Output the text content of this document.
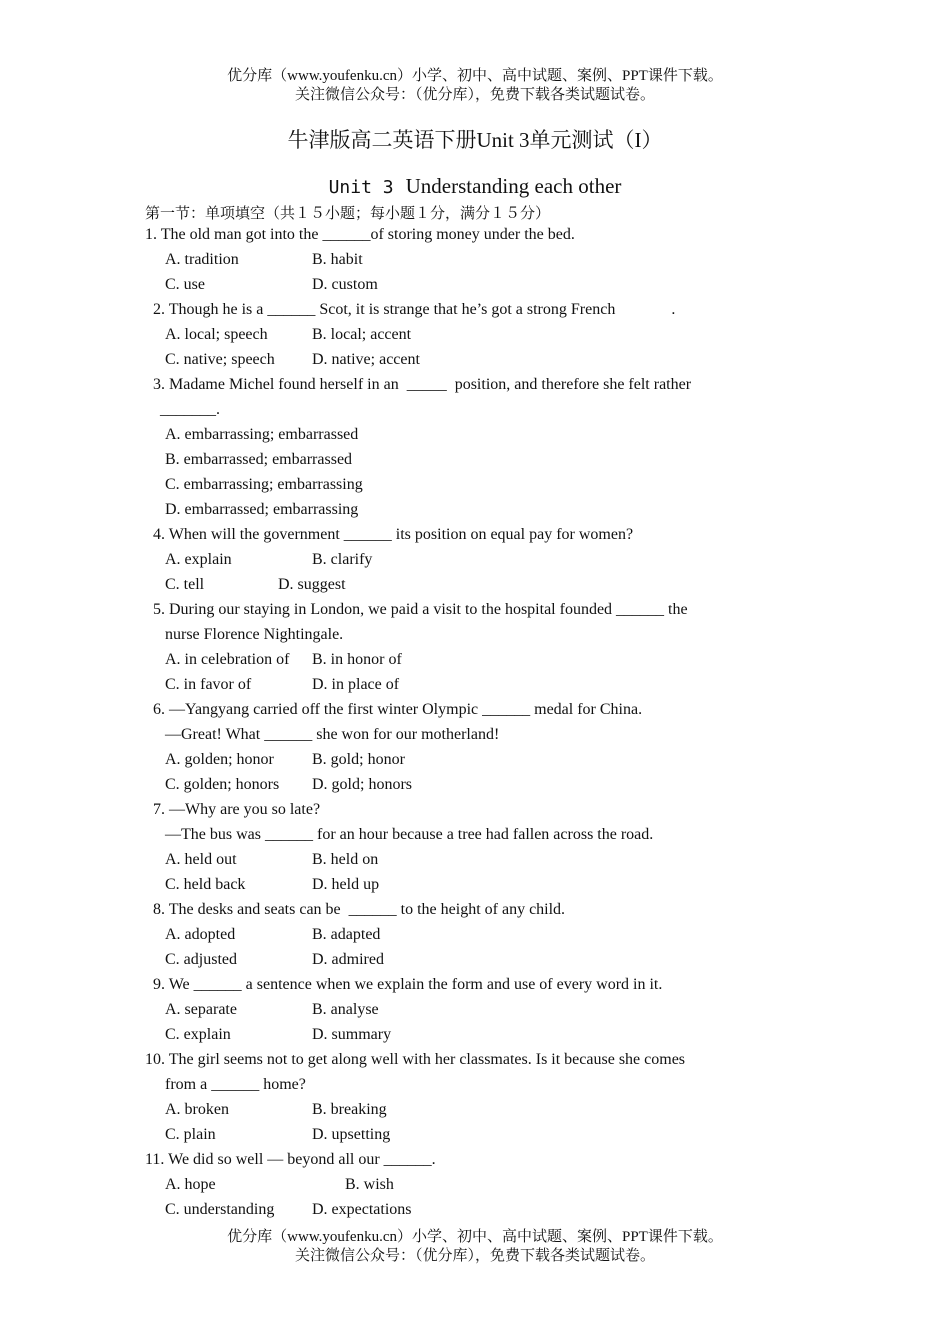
优分库（www.youfenku.cn）小学、初中、高中试题、案例、PPT课件下载。
关注微信公众号：（优分库），免费下载各类试题试卷。
牛津版高二英语下册Unit 3单元测试（I）
Unit 3 Understanding each other
第一节：单项填空（共１５小题；每小题１分，满分１５分）
1. The old man got into the ______of storing money under the bed.
A. tradition	B. habit
C. use	D. custom
2. Though he is a ______ Scot, it is strange that he’s got a strong French              .
A. local; speech	B. local; accent
C. native; speech D. native; accent
3. Madame Michel found herself in an  _____  position, and therefore she felt rather
_______.
A. embarrassing; embarrassed
B. embarrassed; embarrassed
C. embarrassing; embarrassing
D. embarrassed; embarrassing
4. When will the government ______ its position on equal pay for women?
A. explain	B. clarify
C. tell	D. suggest
5. During our staying in London, we paid a visit to the hospital founded ______ the
nurse Florence Nightingale.
A. in celebration of B. in honor of
C. in favor of	D. in place of
6. —Yangyang carried off the first winter Olympic ______ medal for China.
—Great! What ______ she won for our motherland!
A. golden; honor B. gold; honor
C. golden; honors D. gold; honors
7. —Why are you so late?
—The bus was ______ for an hour because a tree had fallen across the road.
A. held out	B. held on
C. held back	D. held up
8. The desks and seats can be  ______ to the height of any child.
A. adopted	B. adapted
C. adjusted	D. admired
9. We ______ a sentence when we explain the form and use of every word in it.
A. separate	B. analyse
C. explain	D. summary
10. The girl seems not to get along well with her classmates. Is it because she comes
from a ______ home?
A. broken	B. breaking
C. plain	D. upsetting
11. We did so well — beyond all our ______.
A. hope	B. wish
C. understanding D. expectations
优分库（www.youfenku.cn）小学、初中、高中试题、案例、PPT课件下载。
关注微信公众号：（优分库），免费下载各类试题试卷。
